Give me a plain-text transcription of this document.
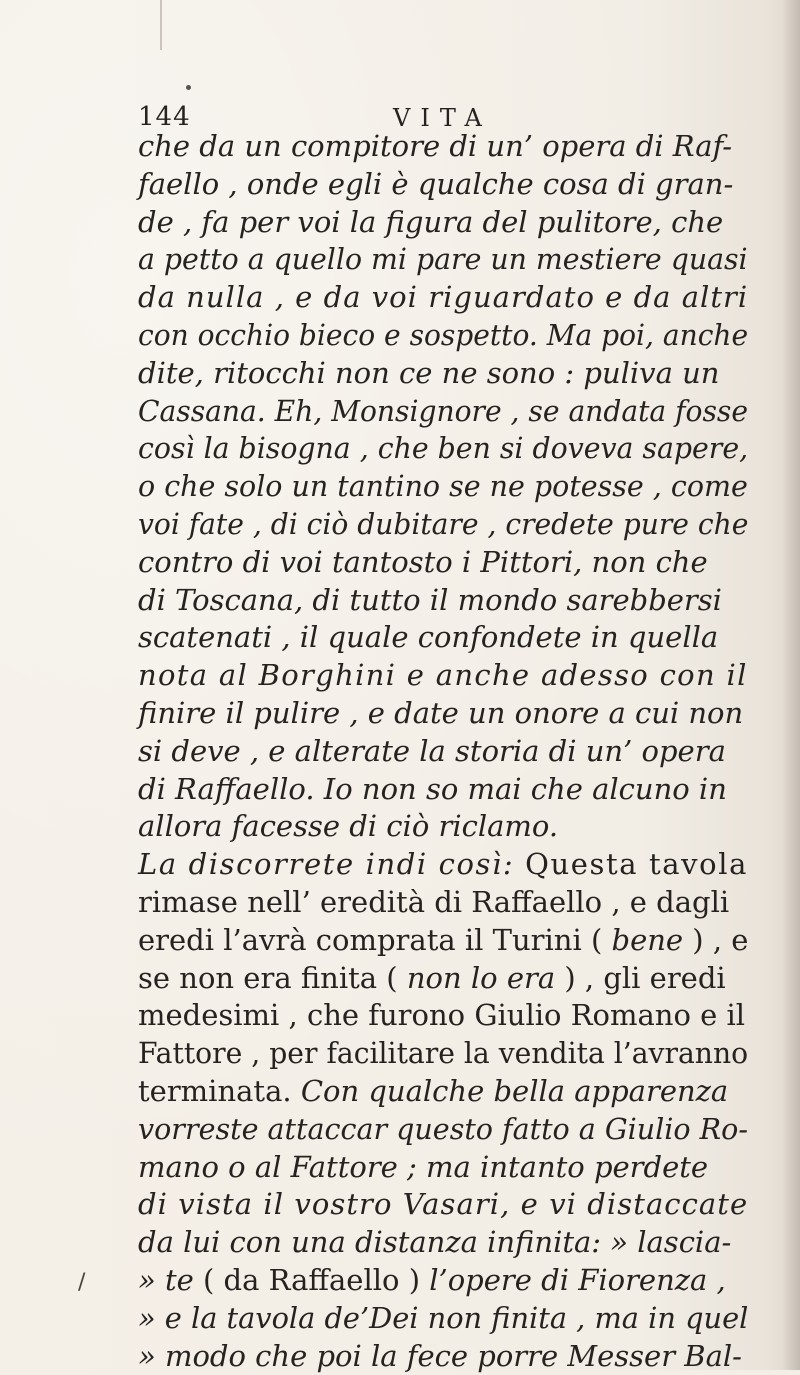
144	VITA
che da un compitore di un’ opera di Raf-
faello , onde egli è qualche cosa di gran-
de , fa per voi la figura del pulitore, che
a petto a quello mi pare un mestiere quasi
da nulla , e da voi riguardato e da altri
con occhio bieco e sospetto. Ma poi, anche
dite, ritocchi non ce ne sono : puliva un
Cassana. Eh, Monsignore , se andata fosse
così la bisogna , che ben si doveva sapere,
o che solo un tantino se ne potesse , come
voi fate , di ciò dubitare , credete pure che
contro di voi tantosto i Pittori, non che
di Toscana, di tutto il mondo sarebbersi
scatenati , il quale confondete in quella
nota al Borghini e anche adesso con il
finire il pulire , e date un onore a cui non
si deve , e alterate la storia di un’ opera
di Raffaello. Io non so mai che alcuno in
allora facesse di ciò riclamo.
La discorrete indi così: Questa tavola
rimase nell’ eredità di Raffaello , e dagli
eredi l’avrà comprata il Turini ( bene ) , e
se non era finita ( non lo era ) , gli eredi
medesimi , che furono Giulio Romano e il
Fattore , per facilitare la vendita l’avranno
terminata. Con qualche bella apparenza
vorreste attaccar questo fatto a Giulio Ro-
mano o al Fattore ; ma intanto perdete
di vista il vostro Vasari, e vi distaccate
da lui con una distanza infinita: » lascia-
» te ( da Raffaello ) l’opere di Fiorenza ,
» e la tavola de’Dei non finita , ma in quel
» modo che poi la fece porre Messer Bal-
/
